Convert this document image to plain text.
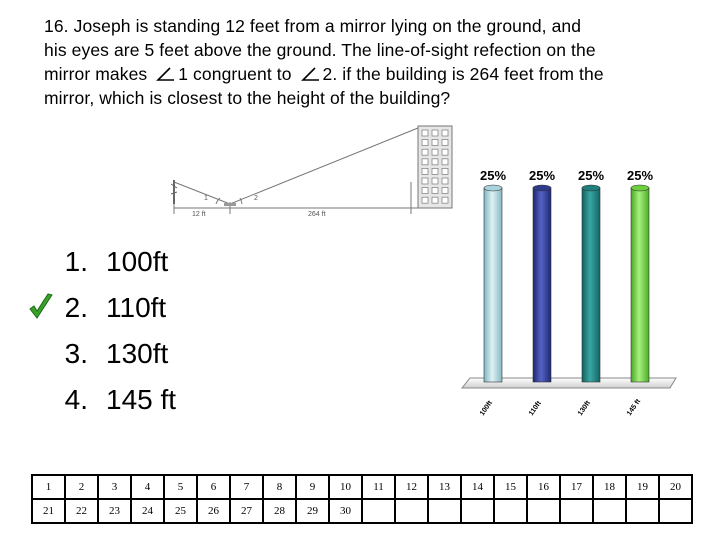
16. Joseph is standing 12 feet from a mirror lying on the ground, and
his eyes are 5 feet above the ground. The line-of-sight refection on the
mirror makes 1 congruent to 2. if the building is 264 feet from the
mirror, which is closest to the height of the building?
1	2
12 ft	264 ft
1. 100ft
2. 110ft
3. 130ft
4. 145 ft
25%
100ft
25%
110ft
25%
130ft
25%
145 ft
1	2	3	4	5	6	7	8	9	10	11	12	13	14	15	16	17	18	19	20
21	22	23	24	25	26	27	28	29	30										
